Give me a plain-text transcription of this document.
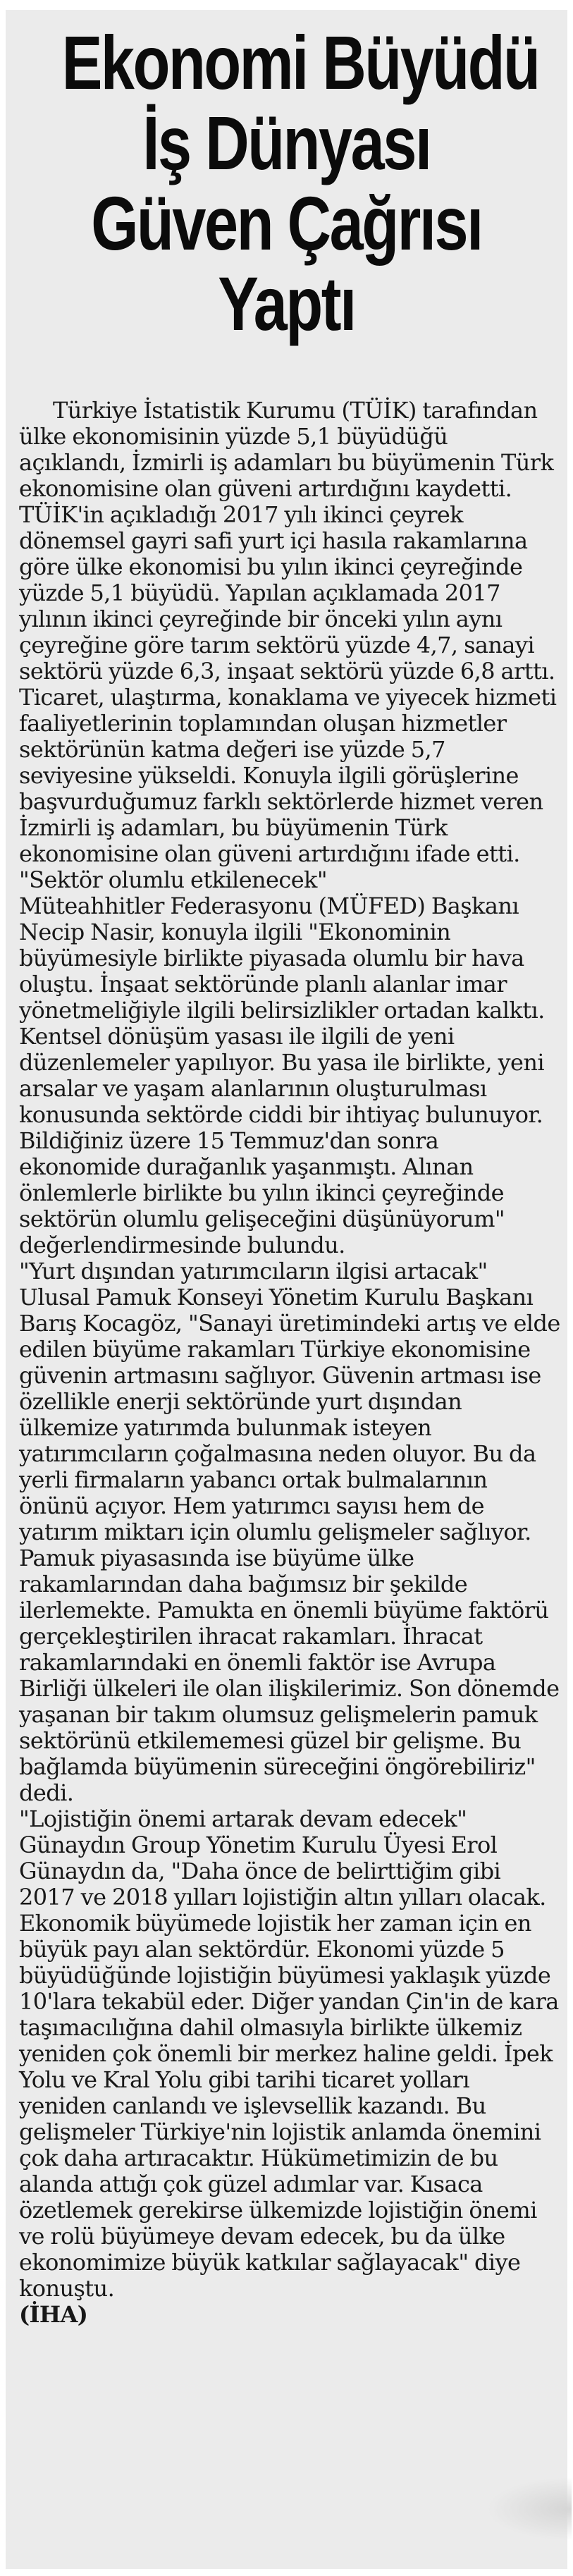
Ekonomi Büyüdü
İş Dünyası
Güven Çağrısı
Yaptı

Türkiye İstatistik Kurumu (TÜİK) tarafından ülke ekonomisinin yüzde 5,1 büyüdüğü açıklandı, İzmirli iş adamları bu büyümenin Türk ekonomisine olan güveni artırdığını kaydetti. TÜİK'in açıkladığı 2017 yılı ikinci çeyrek dönemsel gayri safi yurt içi hasıla rakamlarına göre ülke ekonomisi bu yılın ikinci çeyreğinde yüzde 5,1 büyüdü. Yapılan açıklamada 2017 yılının ikinci çeyreğinde bir önceki yılın aynı çeyreğine göre tarım sektörü yüzde 4,7, sanayi sektörü yüzde 6,3, inşaat sektörü yüzde 6,8 arttı. Ticaret, ulaştırma, konaklama ve yiyecek hizmeti faaliyetlerinin toplamından oluşan hizmetler sektörünün katma değeri ise yüzde 5,7 seviyesine yükseldi. Konuyla ilgili görüşlerine başvurduğumuz farklı sektörlerde hizmet veren İzmirli iş adamları, bu büyümenin Türk ekonomisine olan güveni artırdığını ifade etti.

"Sektör olumlu etkilenecek"

Müteahhitler Federasyonu (MÜFED) Başkanı Necip Nasir, konuyla ilgili "Ekonominin büyümesiyle birlikte piyasada olumlu bir hava oluştu. İnşaat sektöründe planlı alanlar imar yönetmeliğiyle ilgili belirsizlikler ortadan kalktı. Kentsel dönüşüm yasası ile ilgili de yeni düzenlemeler yapılıyor. Bu yasa ile birlikte, yeni arsalar ve yaşam alanlarının oluşturulması konusunda sektörde ciddi bir ihtiyaç bulunuyor. Bildiğiniz üzere 15 Temmuz'dan sonra ekonomide durağanlık yaşanmıştı. Alınan önlemlerle birlikte bu yılın ikinci çeyreğinde sektörün olumlu gelişeceğini düşünüyorum" değerlendirmesinde bulundu.

"Yurt dışından yatırımcıların ilgisi artacak"

Ulusal Pamuk Konseyi Yönetim Kurulu Başkanı Barış Kocagöz, "Sanayi üretimindeki artış ve elde edilen büyüme rakamları Türkiye ekonomisine güvenin artmasını sağlıyor. Güvenin artması ise özellikle enerji sektöründe yurt dışından ülkemize yatırımda bulunmak isteyen yatırımcıların çoğalmasına neden oluyor. Bu da yerli firmaların yabancı ortak bulmalarının önünü açıyor. Hem yatırımcı sayısı hem de yatırım miktarı için olumlu gelişmeler sağlıyor. Pamuk piyasasında ise büyüme ülke rakamlarından daha bağımsız bir şekilde ilerlemekte. Pamukta en önemli büyüme faktörü gerçekleştirilen ihracat rakamları. İhracat rakamlarındaki en önemli faktör ise Avrupa Birliği ülkeleri ile olan ilişkilerimiz. Son dönemde yaşanan bir takım olumsuz gelişmelerin pamuk sektörünü etkilememesi güzel bir gelişme. Bu bağlamda büyümenin süreceğini öngörebiliriz" dedi.

"Lojistiğin önemi artarak devam edecek"

Günaydın Group Yönetim Kurulu Üyesi Erol Günaydın da, "Daha önce de belirttiğim gibi 2017 ve 2018 yılları lojistiğin altın yılları olacak. Ekonomik büyümede lojistik her zaman için en büyük payı alan sektördür. Ekonomi yüzde 5 büyüdüğünde lojistiğin büyümesi yaklaşık yüzde 10'lara tekabül eder. Diğer yandan Çin'in de kara taşımacılığına dahil olmasıyla birlikte ülkemiz yeniden çok önemli bir merkez haline geldi. İpek Yolu ve Kral Yolu gibi tarihi ticaret yolları yeniden canlandı ve işlevsellik kazandı. Bu gelişmeler Türkiye'nin lojistik anlamda önemini çok daha artıracaktır. Hükümetimizin de bu alanda attığı çok güzel adımlar var. Kısaca özetlemek gerekirse ülkemizde lojistiğin önemi ve rolü büyümeye devam edecek, bu da ülke ekonomimize büyük katkılar sağlayacak" diye konuştu.

(İHA)
